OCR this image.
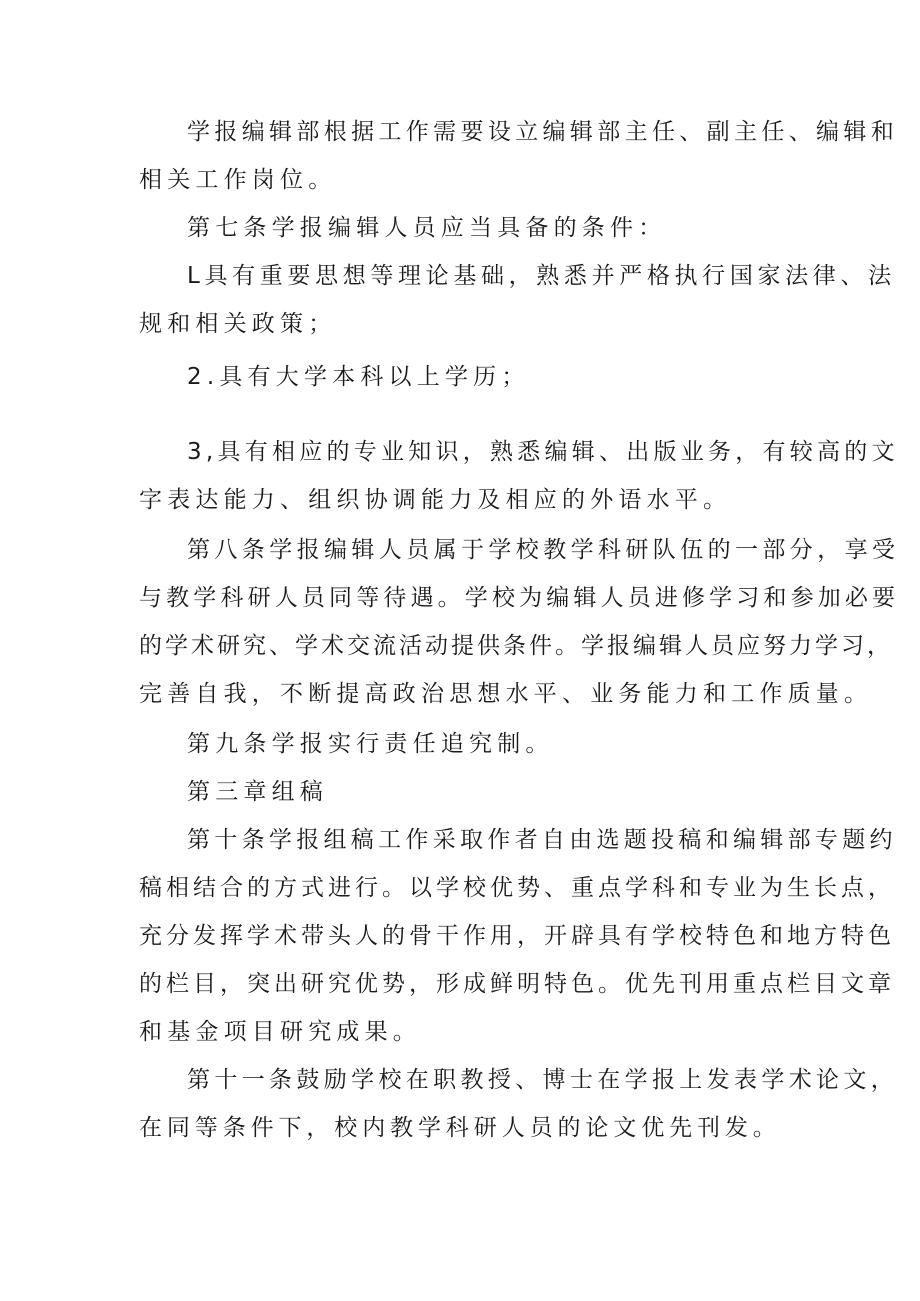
学报编辑部根据工作需要设立编辑部主任、副主任、编辑和
相关工作岗位。
第七条学报编辑人员应当具备的条件：
L具有重要思想等理论基础，熟悉并严格执行国家法律、法
规和相关政策；
2.具有大学本科以上学历；
3,具有相应的专业知识，熟悉编辑、出版业务，有较高的文
字表达能力、组织协调能力及相应的外语水平。
第八条学报编辑人员属于学校教学科研队伍的一部分，享受
与教学科研人员同等待遇。学校为编辑人员进修学习和参加必要
的学术研究、学术交流活动提供条件。学报编辑人员应努力学习，
完善自我，不断提高政治思想水平、业务能力和工作质量。
第九条学报实行责任追究制。
第三章组稿
第十条学报组稿工作采取作者自由选题投稿和编辑部专题约
稿相结合的方式进行。以学校优势、重点学科和专业为生长点，
充分发挥学术带头人的骨干作用，开辟具有学校特色和地方特色
的栏目，突出研究优势，形成鲜明特色。优先刊用重点栏目文章
和基金项目研究成果。
第十一条鼓励学校在职教授、博士在学报上发表学术论文，
在同等条件下，校内教学科研人员的论文优先刊发。
